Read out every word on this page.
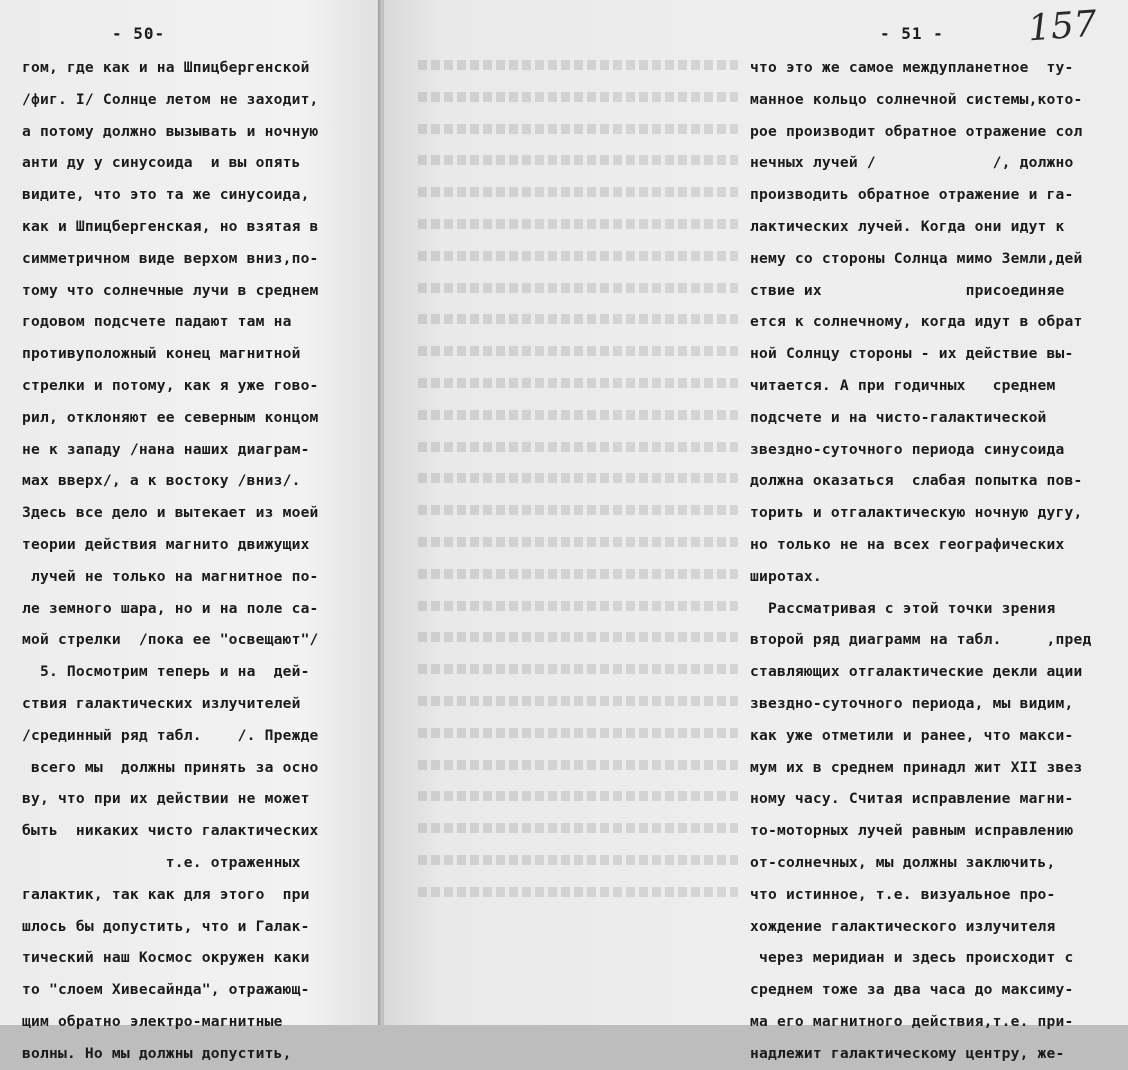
- 50-
гом, где как и на Шпицбергенской
/фиг. I/ Солнце летом не заходит,
а потому должно вызывать и ночную
анти ду у синусоида  и вы опять
видите, что это та же синусоида,
как и Шпицбергенская, но взятая в
симметричном виде верхом вниз,по-
тому что солнечные лучи в среднем
годовом подсчете падают там на
противуположный конец магнитной
стрелки и потому, как я уже гово-
рил, отклоняют ее северным концом
не к западу /нана наших диаграм-
мах вверх/, а к востоку /вниз/.
Здесь все дело и вытекает из моей
теории действия магнито движущих
лучей не только на магнитное по-
ле земного шара, но и на поле са-
мой стрелки  /пока ее "освещают"/
5. Посмотрим теперь и на  дей-
ствия галактических излучителей
/срединный ряд табл.    /. Прежде
всего мы  должны принять за осно
ву, что при их действии не может
быть  никаких чисто галактических
т.е. отраженных
галактик, так как для этого  при
шлось бы допустить, что и Галак-
тический наш Космос окружен каки
то "слоем Хивесайнда", отражающ-
щим обратно электро-магнитные
волны. Но мы должны допустить,
- 51 - 157
что это же самое междупланетное  ту-
манное кольцо солнечной системы,кото-
рое производит обратное отражение сол
нечных лучей /             /, должно
производить обратное отражение и га-
лактических лучей. Когда они идут к
нему со стороны Солнца мимо Земли,дей
ствие их                присоединяе
ется к солнечному, когда идут в обрат
ной Солнцу стороны - их действие вы-
читается. А при годичных   среднем
подсчете и на чисто-галактической
звездно-суточного периода синусоида
должна оказаться  слабая попытка пов-
торить и отгалактическую ночную дугу,
но только не на всех географических
широтах.
Рассматривая с этой точки зрения
второй ряд диаграмм на табл.     ,пред
ставляющих отгалактические декли ации
звездно-суточного периода, мы видим,
как уже отметили и ранее, что макси-
мум их в среднем принадл жит XII звез
ному часу. Считая исправление магни-
то-моторных лучей равным исправлению
от-солнечных, мы должны заключить,
что истинное, т.е. визуальное про-
хождение галактического излучителя
через меридиан и здесь происходит с
среднем тоже за два часа до максиму-
ма его магнитного действия,т.е. при-
надлежит галактическому центру, же-
